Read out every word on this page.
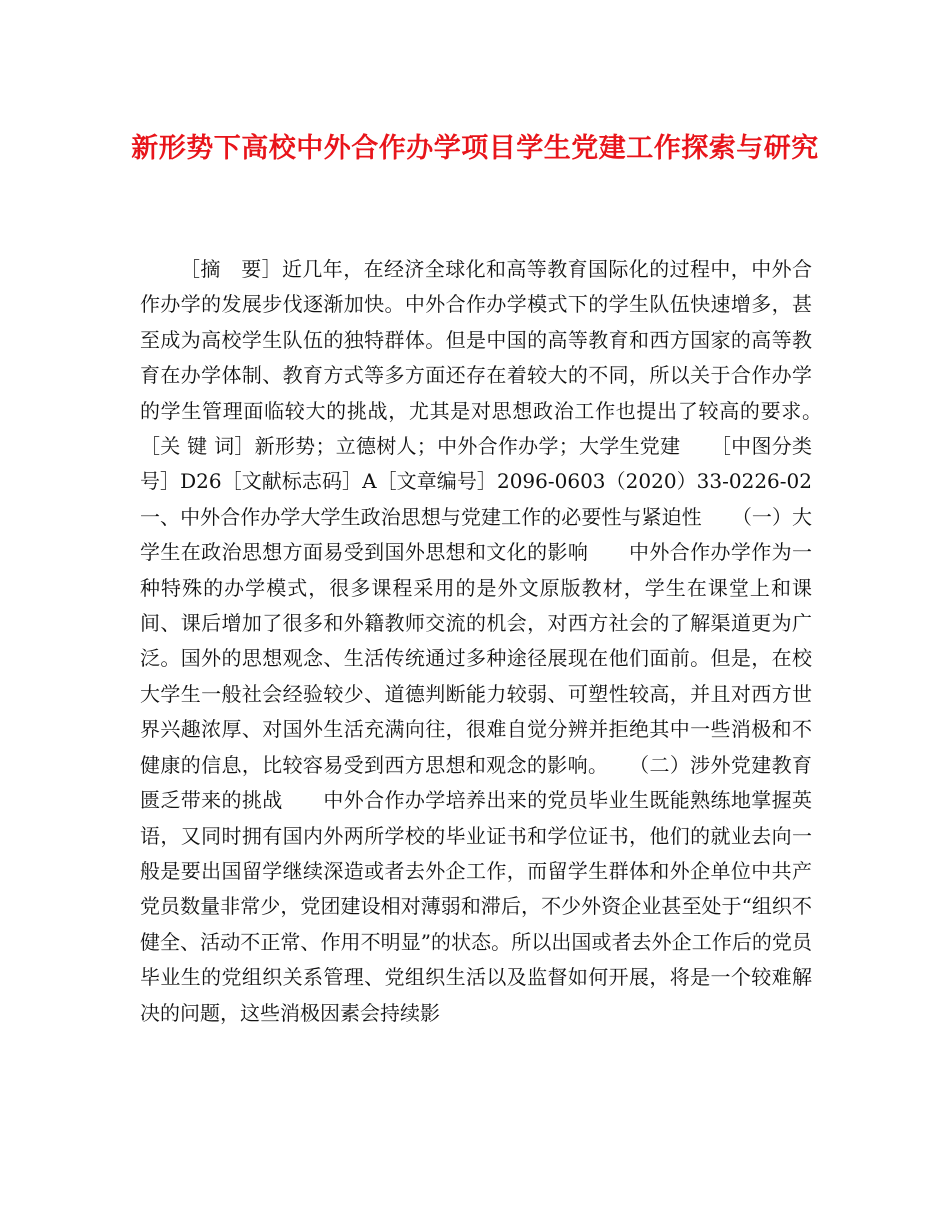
新形势下高校中外合作办学项目学生党建工作探索与研究

［摘　要］近几年，在经济全球化和高等教育国际化的过程中，中外合作办学的发展步伐逐渐加快。中外合作办学模式下的学生队伍快速增多，甚至成为高校学生队伍的独特群体。但是中国的高等教育和西方国家的高等教育在办学体制、教育方式等多方面还存在着较大的不同，所以关于合作办学的学生管理面临较大的挑战，尤其是对思想政治工作也提出了较高的要求。　　［关 键 词］新形势；立德树人；中外合作办学；大学生党建　　［中图分类号］D26［文献标志码］A［文章编号］2096-0603（2020）33-0226-02　　一、中外合作办学大学生政治思想与党建工作的必要性与紧迫性　　（一）大学生在政治思想方面易受到国外思想和文化的影响　　中外合作办学作为一种特殊的办学模式，很多课程采用的是外文原版教材，学生在课堂上和课间、课后增加了很多和外籍教师交流的机会，对西方社会的了解渠道更为广泛。国外的思想观念、生活传统通过多种途径展现在他们面前。但是，在校大学生一般社会经验较少、道德判断能力较弱、可塑性较高，并且对西方世界兴趣浓厚、对国外生活充满向往，很难自觉分辨并拒绝其中一些消极和不健康的信息，比较容易受到西方思想和观念的影响。　　（二）涉外党建教育匮乏带来的挑战　　中外合作办学培养出来的党员毕业生既能熟练地掌握英语，又同时拥有国内外两所学校的毕业证书和学位证书，他们的就业去向一般是要出国留学继续深造或者去外企工作，而留学生群体和外企单位中共产党员数量非常少，党团建设相对薄弱和滞后，不少外资企业甚至处于“组织不健全、活动不正常、作用不明显”的状态。所以出国或者去外企工作后的党员毕业生的党组织关系管理、党组织生活以及监督如何开展，将是一个较难解决的问题，这些消极因素会持续影
